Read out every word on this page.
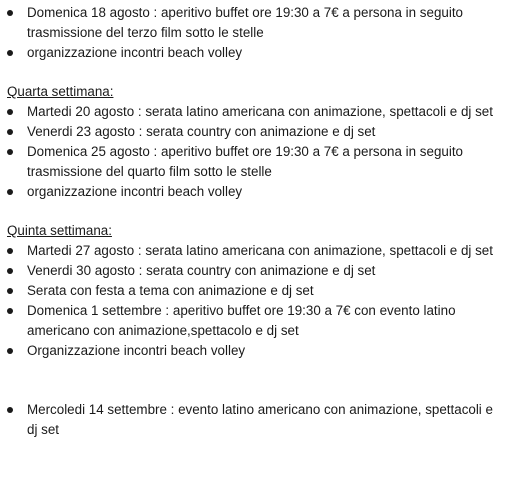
Domenica 18 agosto : aperitivo buffet ore 19:30 a 7€ a persona in seguito
trasmissione del terzo film sotto le stelle
organizzazione incontri beach volley
Quarta settimana:
Martedi 20 agosto : serata latino americana con animazione, spettacoli e dj set
Venerdi 23 agosto : serata country con animazione e dj set
Domenica 25 agosto : aperitivo buffet ore 19:30 a 7€ a persona in seguito
trasmissione del quarto film sotto le stelle
organizzazione incontri beach volley
Quinta settimana:
Martedi 27 agosto : serata latino americana con animazione, spettacoli e dj set
Venerdi 30 agosto : serata country con animazione e dj set
Serata con festa a tema con animazione e dj set
Domenica 1 settembre : aperitivo buffet ore 19:30 a 7€ con evento latino
americano con animazione,spettacolo e dj set
Organizzazione incontri beach volley
Mercoledi 14 settembre : evento latino americano con animazione, spettacoli e
dj set
